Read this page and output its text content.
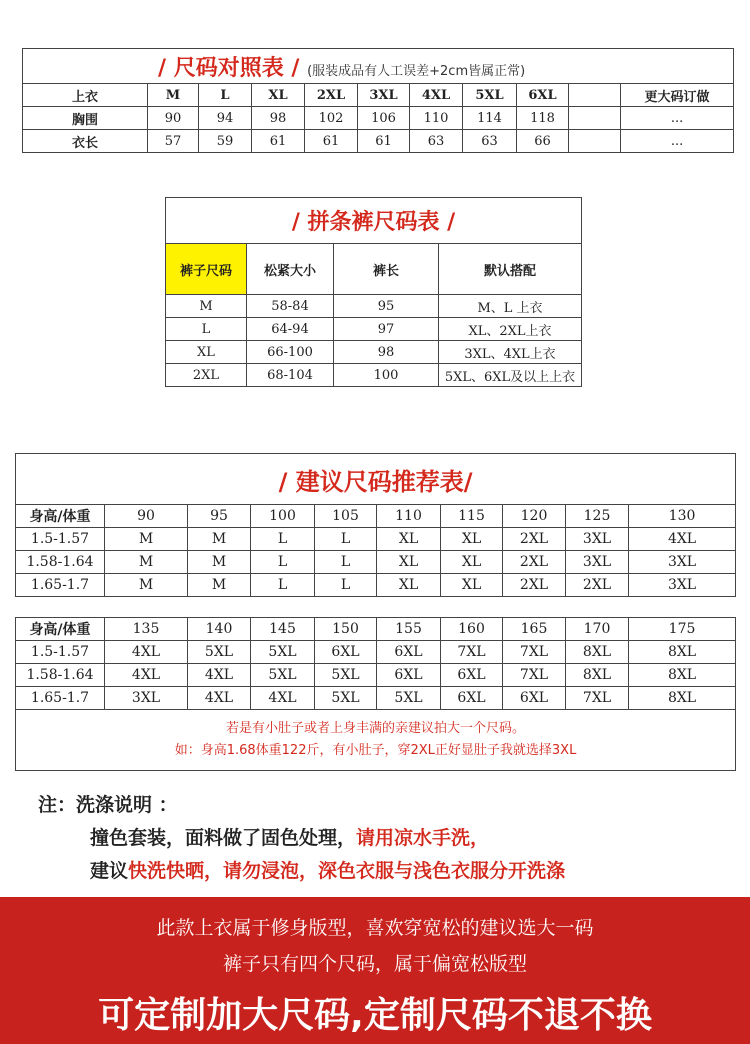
/ 尺码对照表 / (服装成品有人工误差+2cm皆属正常)										
上衣	M	L	XL	2XL	3XL	4XL	5XL	6XL		更大码订做
胸围	90	94	98	102	106	110	114	118		...
衣长	57	59	61	61	61	63	63	66		...
/ 拼条裤尺码表 /			
裤子尺码	松紧大小	裤长	默认搭配
M	58-84	95	M、L 上衣
L	64-94	97	XL、2XL上衣
XL	66-100	98	3XL、4XL上衣
2XL	68-104	100	5XL、6XL及以上上衣
/ 建议尺码推荐表/									
身高/体重	90	95	100	105	110	115	120	125	130
1.5-1.57	M	M	L	L	XL	XL	2XL	3XL	4XL
1.58-1.64	M	M	L	L	XL	XL	2XL	3XL	3XL
1.65-1.7	M	M	L	L	XL	XL	2XL	2XL	3XL

身高/体重	135	140	145	150	155	160	165	170	175
1.5-1.57	4XL	5XL	5XL	6XL	6XL	7XL	7XL	8XL	8XL
1.58-1.64	4XL	4XL	5XL	5XL	6XL	6XL	7XL	8XL	8XL
1.65-1.7	3XL	4XL	4XL	5XL	5XL	6XL	6XL	7XL	8XL

若是有小肚子或者上身丰满的亲建议拍大一个尺码。
如：身高1.68体重122斤，有小肚子，穿2XL正好显肚子我就选择3XL									
注：洗涤说明 ：
撞色套装，面料做了固色处理，请用凉水手洗，
建议快洗快晒，请勿浸泡，深色衣服与浅色衣服分开洗涤
此款上衣属于修身版型，喜欢穿宽松的建议选大一码
裤子只有四个尺码，属于偏宽松版型
可定制加大尺码,定制尺码不退不换
